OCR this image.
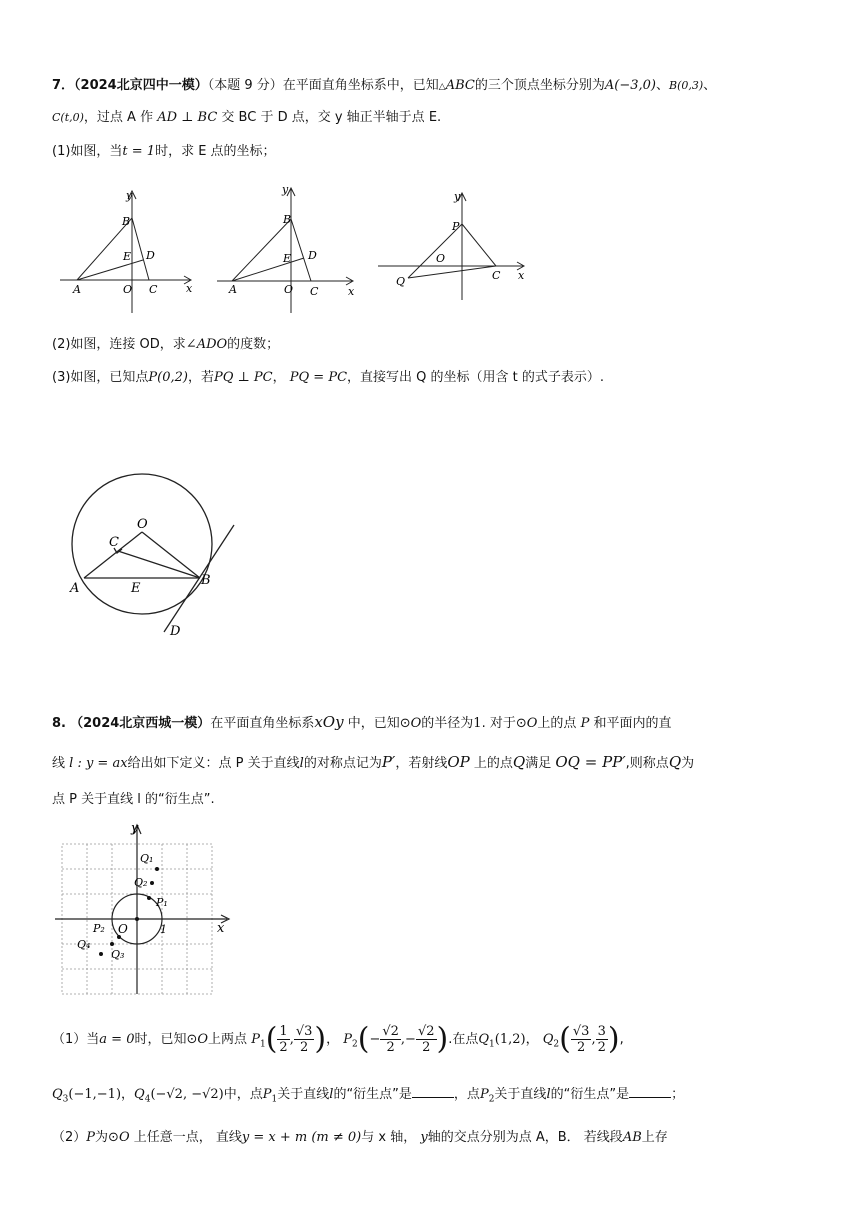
7．（2024北京四中一模）（本题 9 分）在平面直角坐标系中，已知△ABC的三个顶点坐标分别为A(−3,0)、B(0,3)、
C(t,0)，过点 A 作 AD ⊥ BC 交 BC 于 D 点，交 y 轴正半轴于点 E.
(1)如图，当t = 1时，求 E 点的坐标；
y
x
B
E D
A	O C
y
x
B
E D
A	O C
y
x
P
O
C
Q
(2)如图，连接 OD，求∠ADO的度数；
(3)如图，已知点P(0,2)，若PQ ⊥ PC， PQ = PC，直接写出 Q 的坐标（用含 t 的式子表示）.
O
C
A	E
B
D
8. （2024北京西城一模）在平面直角坐标系xOy 中，已知⊙O的半径为1. 对于⊙O上的点 P 和平面内的直
线 l : y = ax给出如下定义：点 P 关于直线l的对称点记为P′，若射线OP 上的点Q满足 OQ = PP′,则称点Q为
点 P 关于直线 l 的“衍生点”.
y
x
O	1
Q₁
Q₂
P₁
P₂
Q₄
Q₃
（1）当a = 0时，已知⊙O上两点 $P_1( \frac{1}{2}$ , $\frac{√3}{2}$ )， $P_2(- \frac{√2}{2}$ ,− $\frac{√2}{2}$ ).在点$Q_1(1,2)$， $Q_2( \frac{√3}{2}$ , $\frac{3}{2}$ ),
$Q_3(-1,-1)$，$Q_4(-√2$, −√2)中，点$P_1$关于直线l的“衍生点”是	，点$P_2$关于直线l的“衍生点”是	；
（2）P为⊙O 上任意一点， 直线y = x + m (m ≠ 0)与 x 轴， y轴的交点分别为点 A，B． 若线段AB上存
